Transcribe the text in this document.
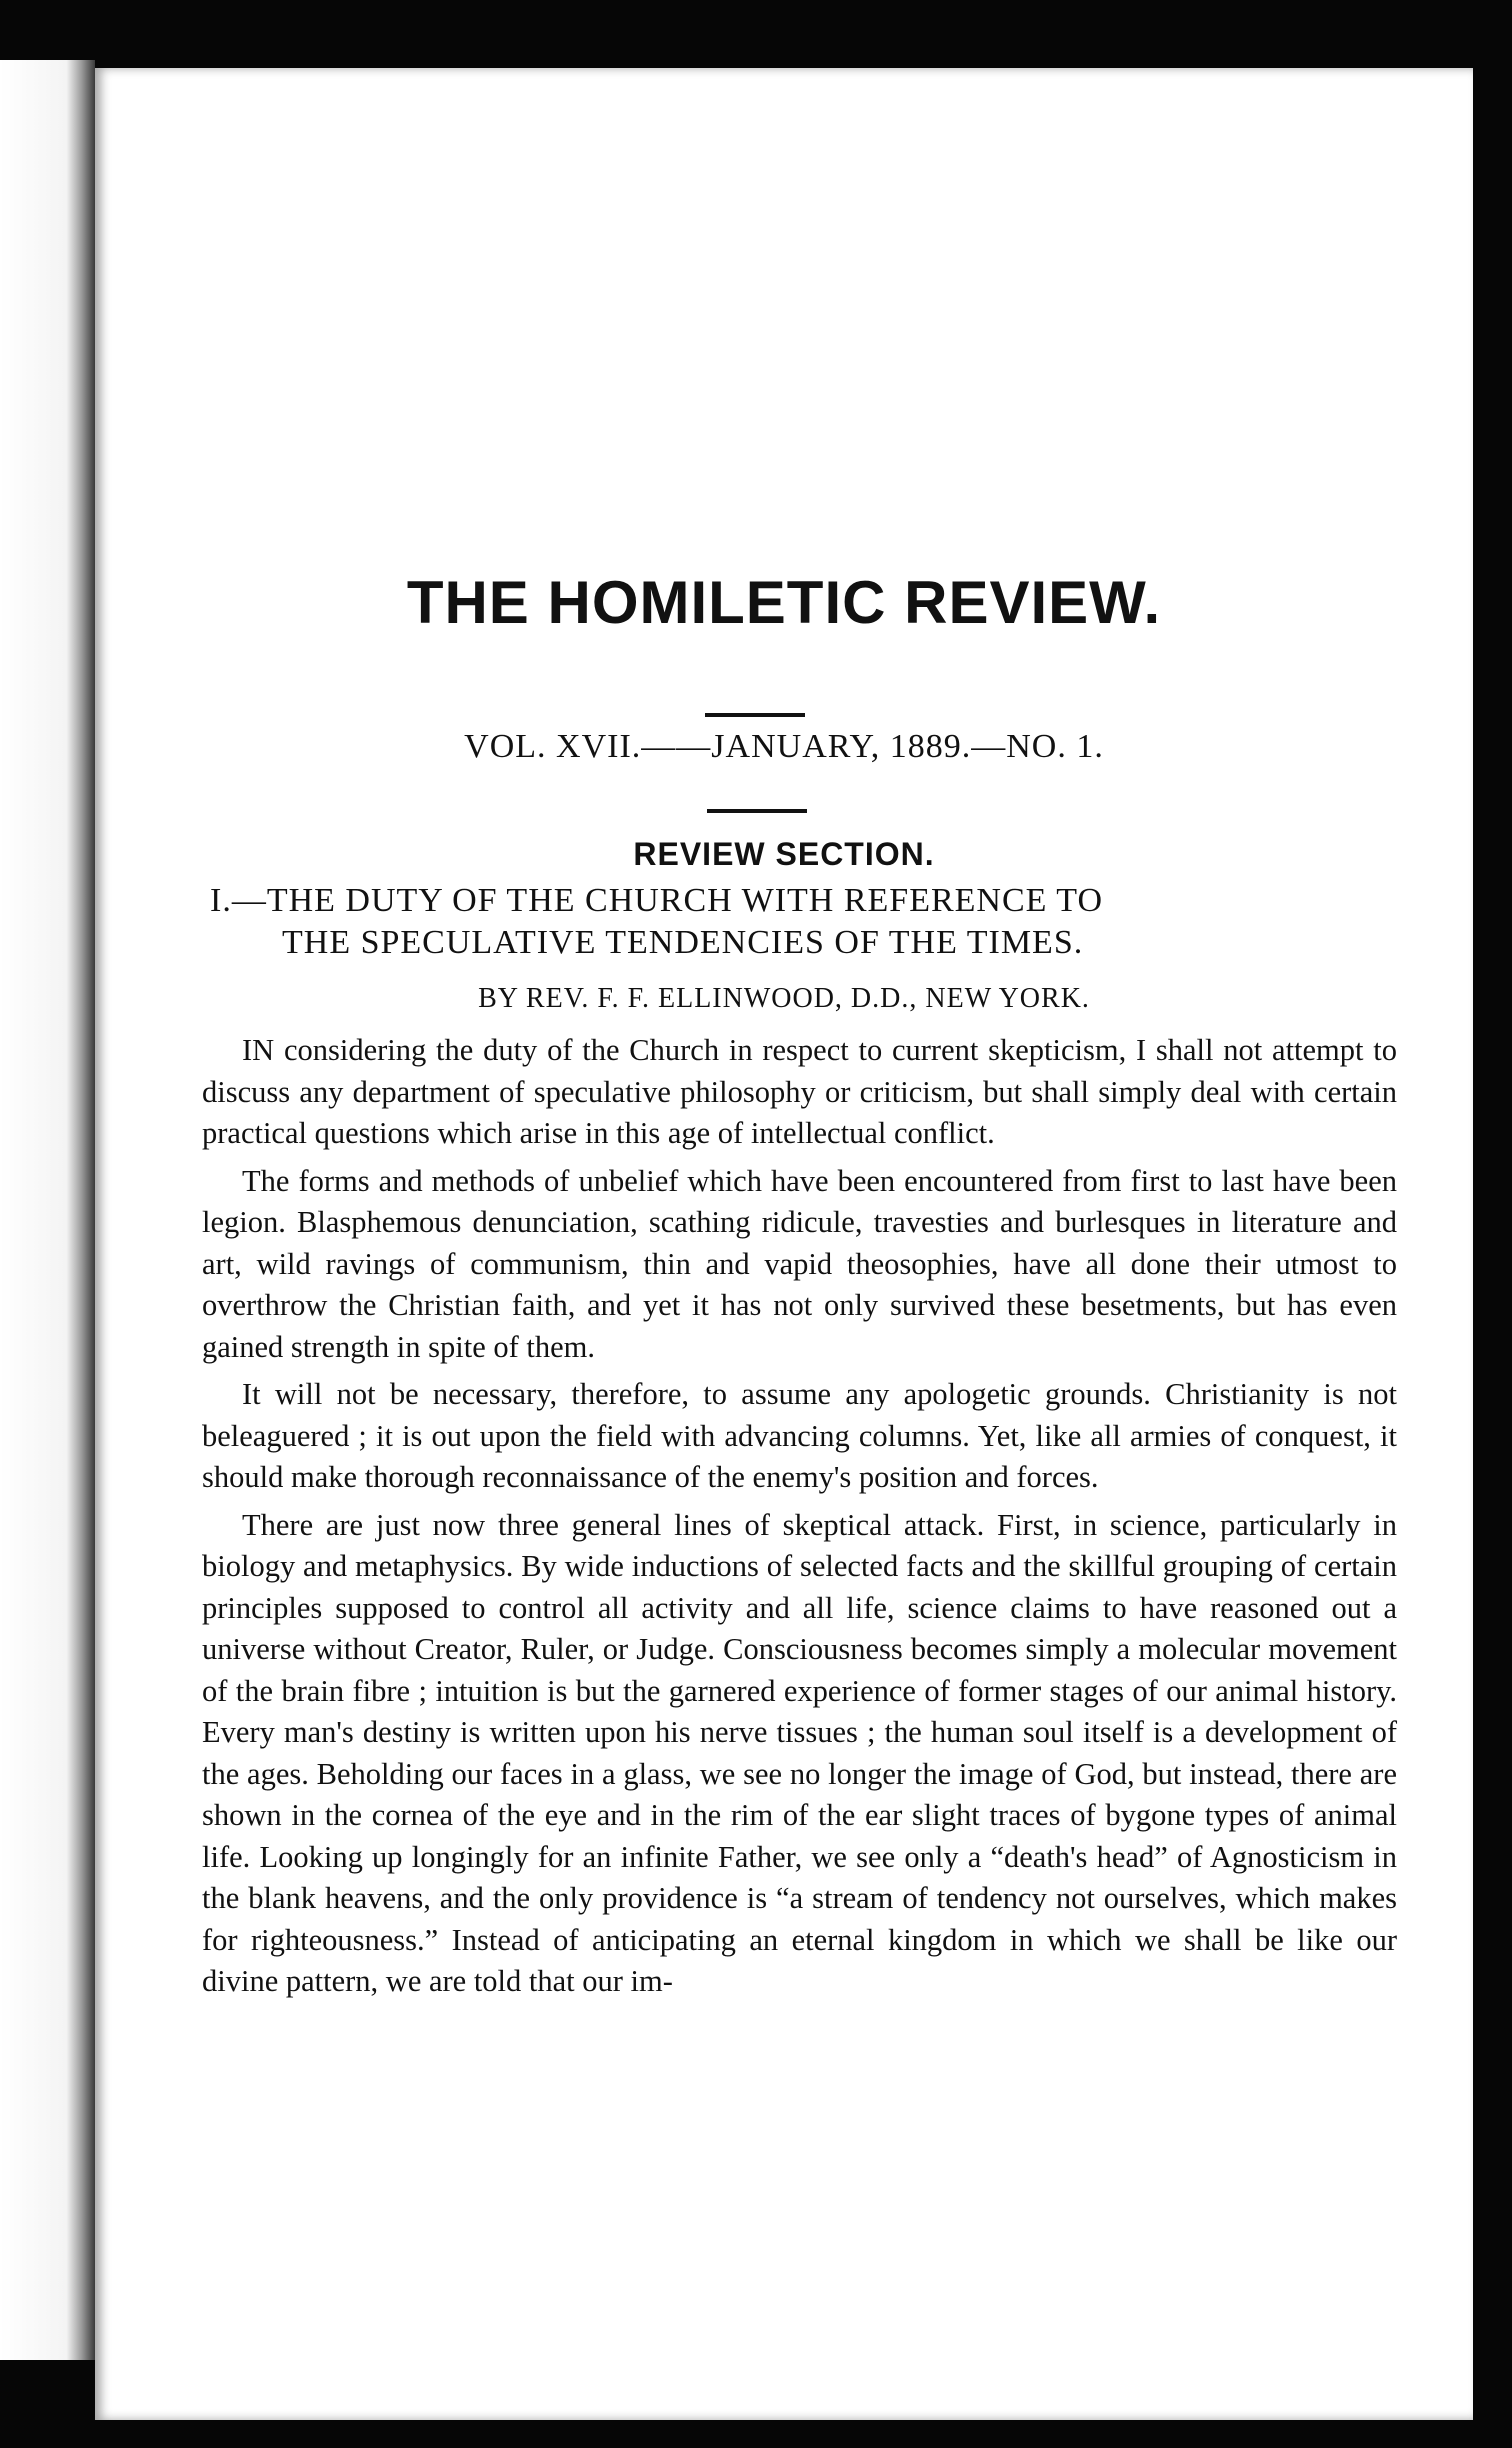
THE HOMILETIC REVIEW.
VOL. XVII.——JANUARY, 1889.—NO. 1.
REVIEW SECTION.
I.—THE DUTY OF THE CHURCH WITH REFERENCE TO
THE SPECULATIVE TENDENCIES OF THE TIMES.
BY REV. F. F. ELLINWOOD, D.D., NEW YORK.

IN considering the duty of the Church in respect to current skepticism, I shall not attempt to discuss any department of speculative philosophy or criticism, but shall simply deal with certain practical questions which arise in this age of intellectual conflict.

The forms and methods of unbelief which have been encountered from first to last have been legion. Blasphemous denunciation, scathing ridicule, travesties and burlesques in literature and art, wild ravings of communism, thin and vapid theosophies, have all done their utmost to overthrow the Christian faith, and yet it has not only survived these besetments, but has even gained strength in spite of them.

It will not be necessary, therefore, to assume any apologetic grounds. Christianity is not beleaguered ; it is out upon the field with advancing columns. Yet, like all armies of conquest, it should make thorough reconnaissance of the enemy's position and forces.

There are just now three general lines of skeptical attack. First, in science, particularly in biology and metaphysics. By wide inductions of selected facts and the skillful grouping of certain principles supposed to control all activity and all life, science claims to have reasoned out a universe without Creator, Ruler, or Judge. Consciousness becomes simply a molecular movement of the brain fibre ; intuition is but the garnered experience of former stages of our animal history. Every man's destiny is written upon his nerve tissues ; the human soul itself is a development of the ages. Beholding our faces in a glass, we see no longer the image of God, but instead, there are shown in the cornea of the eye and in the rim of the ear slight traces of bygone types of animal life. Looking up longingly for an infinite Father, we see only a “death's head” of Agnosticism in the blank heavens, and the only providence is “a stream of tendency not ourselves, which makes for righteousness.” Instead of anticipating an eternal kingdom in which we shall be like our divine pattern, we are told that our im-
